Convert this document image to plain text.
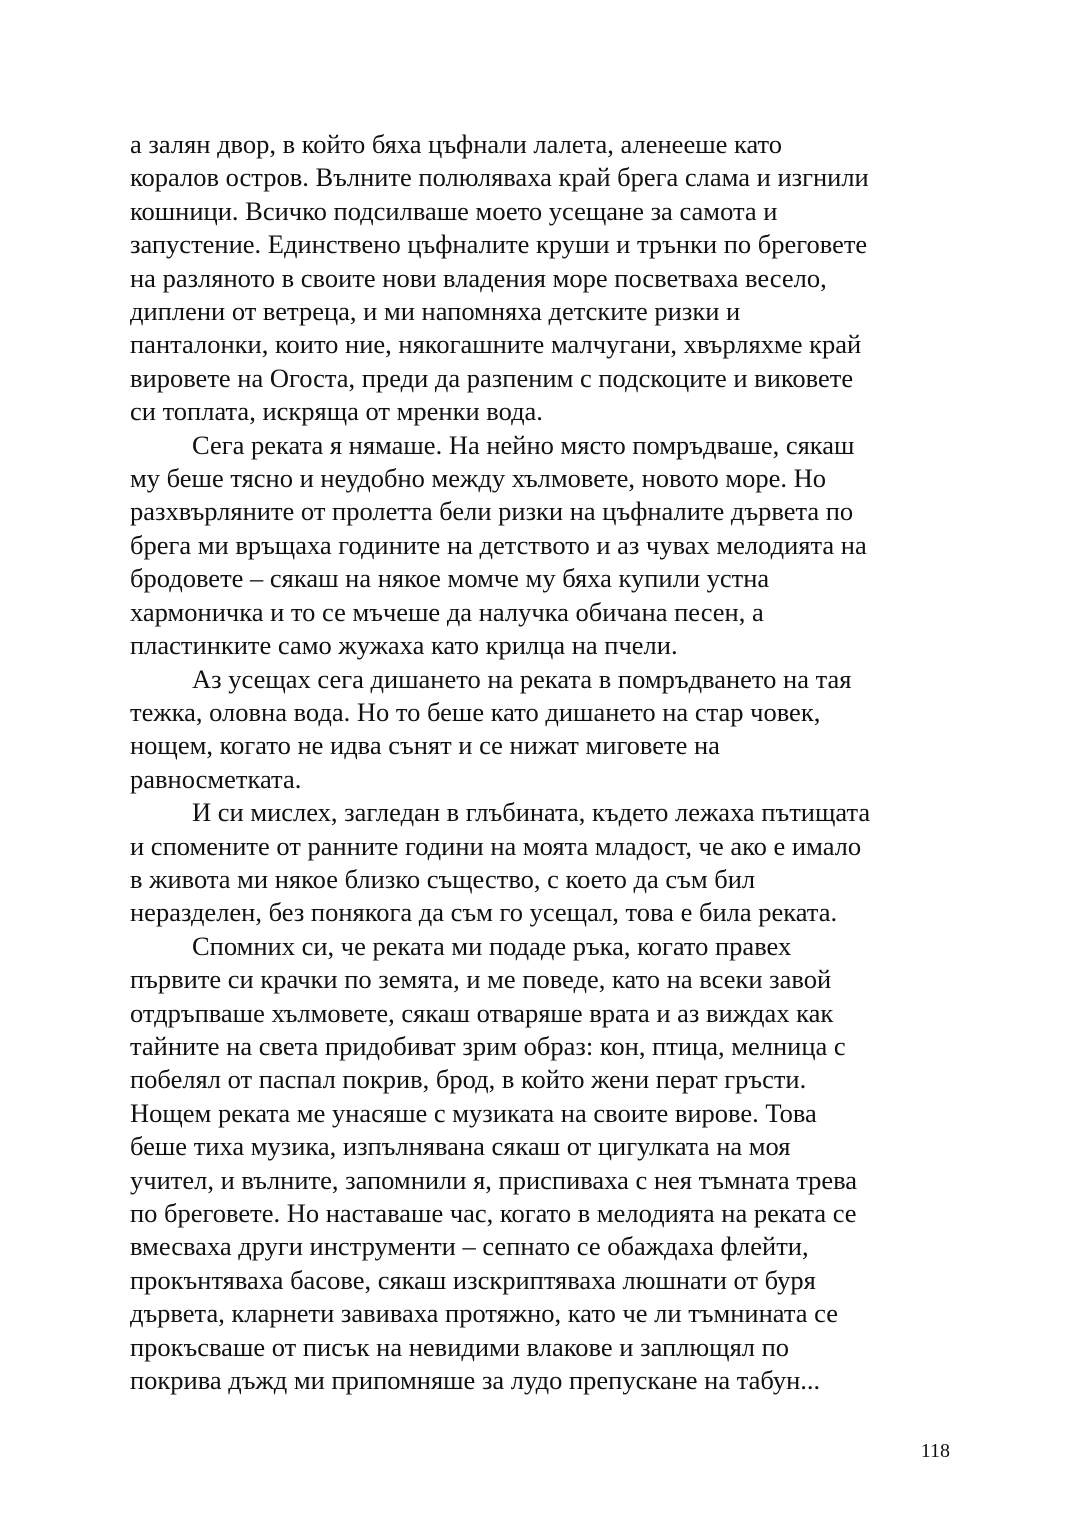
а залян двор, в който бяха цъфнали лалета, аленееше като
коралов остров. Вълните полюляваха край брега слама и изгнили
кошници. Всичко подсилваше моето усещане за самота и
запустение. Единствено цъфналите круши и трънки по бреговете
на разляното в своите нови владения море посветваха весело,
диплени от ветреца, и ми напомняха детските ризки и
панталонки, които ние, някогашните малчугани, хвърляхме край
вировете на Огоста, преди да разпеним с подскоците и виковете
си топлата, искряща от мренки вода.
Сега реката я нямаше. На нейно място помръдваше, сякаш
му беше тясно и неудобно между хълмовете, новото море. Но
разхвърляните от пролетта бели ризки на цъфналите дървета по
брега ми връщаха годините на детството и аз чувах мелодията на
бродовете – сякаш на някое момче му бяха купили устна
хармоничка и то се мъчеше да налучка обичана песен, а
пластинките само жужаха като крилца на пчели.
Аз усещах сега дишането на реката в помръдването на тая
тежка, оловна вода. Но то беше като дишането на стар човек,
нощем, когато не идва сънят и се нижат миговете на
равносметката.
И си мислех, загледан в глъбината, където лежаха пътищата
и спомените от ранните години на моята младост, че ако е имало
в живота ми някое близко същество, с което да съм бил
неразделен, без понякога да съм го усещал, това е била реката.
Спомних си, че реката ми подаде ръка, когато правех
първите си крачки по земята, и ме поведе, като на всеки завой
отдръпваше хълмовете, сякаш отваряше врата и аз виждах как
тайните на света придобиват зрим образ: кон, птица, мелница с
побелял от паспал покрив, брод, в който жени перат гръсти.
Нощем реката ме унасяше с музиката на своите вирове. Това
беше тиха музика, изпълнявана сякаш от цигулката на моя
учител, и вълните, запомнили я, приспиваха с нея тъмната трева
по бреговете. Но наставаше час, когато в мелодията на реката се
вмесваха други инструменти – сепнато се обаждаха флейти,
прокънтяваха басове, сякаш изскриптяваха люшнати от буря
дървета, кларнети завиваха протяжно, като че ли тъмнината се
прокъсваше от писък на невидими влакове и заплющял по
покрива дъжд ми припомняше за лудо препускане на табун...
118
